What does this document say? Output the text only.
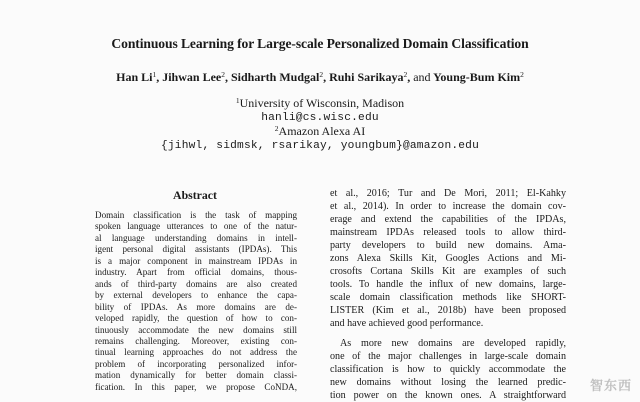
Continuous Learning for Large-scale Personalized Domain Classification
Han Li$^1$, Jihwan Lee$^2$, Sidharth Mudgal$^2$, Ruhi Sarikaya$^2$, and Young-Bum Kim$^2$
$^1$University of Wisconsin, Madison
hanli@cs.wisc.edu
$^2$Amazon Alexa AI
{jihwl, sidmsk, rsarikay, youngbum}@amazon.edu
Abstract
Domain classification is the task of mapping
spoken language utterances to one of the natur-
al language understanding domains in intell-
igent personal digital assistants (IPDAs). This
is a major component in mainstream IPDAs in
industry. Apart from official domains, thous-
ands of third-party domains are also created
by external developers to enhance the capa-
bility of IPDAs. As more domains are de-
veloped rapidly, the question of how to con-
tinuously accommodate the new domains still
remains challenging. Moreover, existing con-
tinual learning approaches do not address the
problem of incorporating personalized infor-
mation dynamically for better domain classi-
fication. In this paper, we propose CoNDA,
et al., 2016; Tur and De Mori, 2011; El-Kahky
et al., 2014). In order to increase the domain cov-
erage and extend the capabilities of the IPDAs,
mainstream IPDAs released tools to allow third-
party developers to build new domains. Ama-
zons Alexa Skills Kit, Googles Actions and Mi-
crosofts Cortana Skills Kit are examples of such
tools. To handle the influx of new domains, large-
scale domain classification methods like SHORT-
LISTER (Kim et al., 2018b) have been proposed
and have achieved good performance.
As more new domains are developed rapidly,
one of the major challenges in large-scale domain
classification is how to quickly accommodate the
new domains without losing the learned predic-
tion power on the known ones. A straightforward
智东西
